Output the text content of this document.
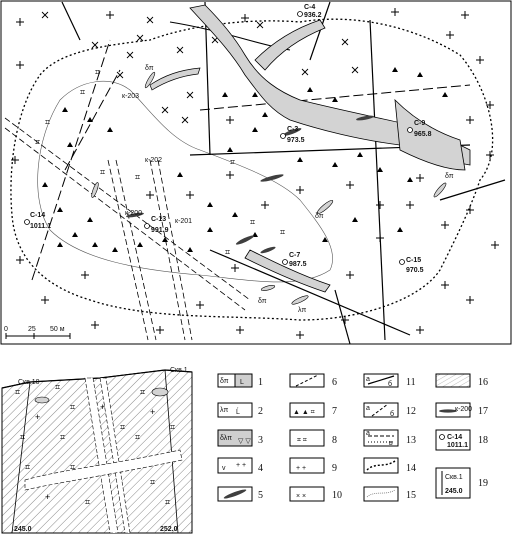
⌗
⌗
⌗
⌗
⌗
⌗
⌗
⌗
⌗
⌗
С-4
936.2
С-3
973.5
С-9
965.8
С-14
1011.1
С-13
991.9
С-7
987.5
С-15
970.5
к-203
к-202
к-200
к-201
δπ
δπ
δπ
δπ
λπ
0	25 50 м
⌗	⌗
⌗
+
⌗	⌗
⌗
+
⌗
⌗
⌗
+	⌗
⌗
⌗
+
⌗
⌗
Скв.10
Скв.1
245.0	252.0
δπ L 1
λπ Ĺ 2
δλπ ▽ ▽ 3
v + + 4
5
6
▲ ▲ ⌗ 7
⌗ ⌗	8
+ +	9
× ×	10
а
б 11
а
б 12
а
в 13
14
15
16
к-200 17
С-14
1011.1 18
Скв.1
245.0
19
